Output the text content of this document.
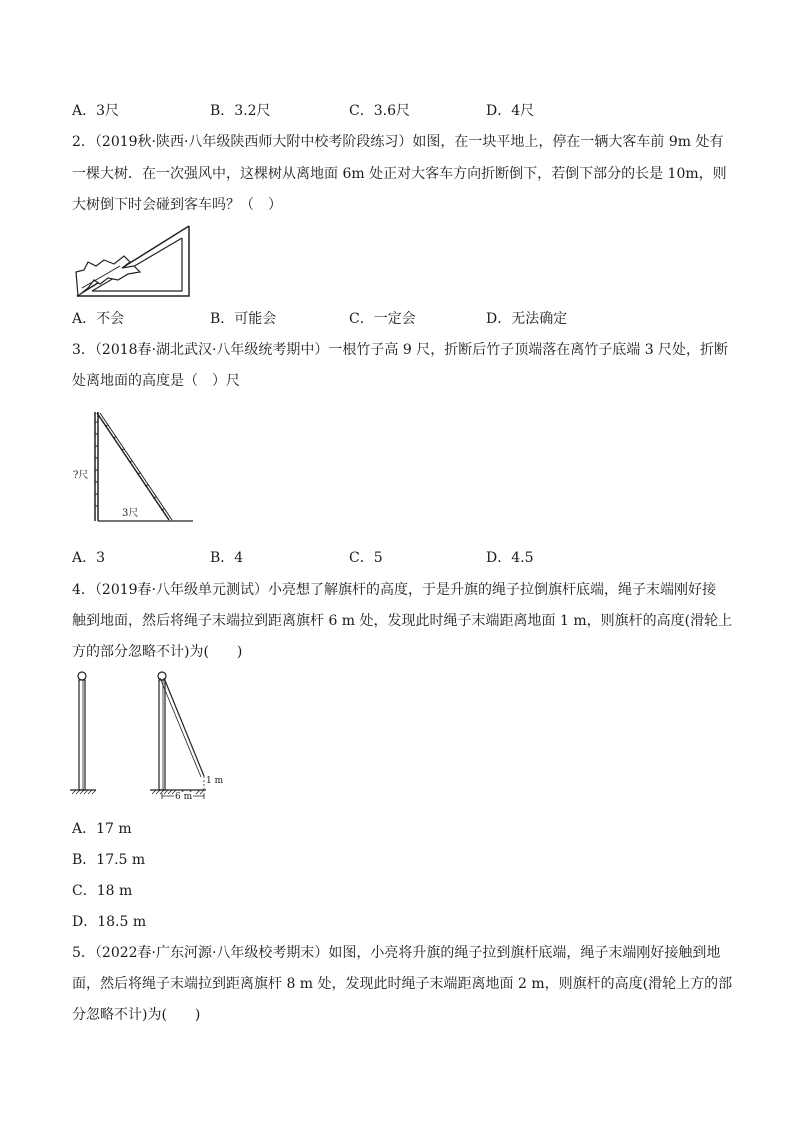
A．3尺	B．3.2尺	C．3.6尺	D．4尺
2．（2019秋·陕西·八年级陕西师大附中校考阶段练习）如图，在一块平地上，停在一辆大客车前 9m 处有
一棵大树．在一次强风中，这棵树从离地面 6m 处正对大客车方向折断倒下，若倒下部分的长是 10m，则
大树倒下时会碰到客车吗？（　）
A．不会	B．可能会	C．一定会	D．无法确定
3．（2018春·湖北武汉·八年级统考期中）一根竹子高 9 尺，折断后竹子顶端落在离竹子底端 3 尺处，折断
处离地面的高度是（　）尺
?尺
3尺
A．3	B．4	C．5	D．4.5
4．（2019春·八年级单元测试）小亮想了解旗杆的高度，于是升旗的绳子拉倒旗杆底端，绳子末端刚好接
触到地面，然后将绳子末端拉到距离旗杆 6 m 处，发现此时绳子末端距离地面 1 m，则旗杆的高度(滑轮上
方的部分忽略不计)为(　　)
1 m
6 m
A．17 m
B．17.5 m
C．18 m
D．18.5 m
5．（2022春·广东河源·八年级校考期末）如图，小亮将升旗的绳子拉到旗杆底端，绳子末端刚好接触到地
面，然后将绳子末端拉到距离旗杆 8 m 处，发现此时绳子末端距离地面 2 m，则旗杆的高度(滑轮上方的部
分忽略不计)为(　　)
